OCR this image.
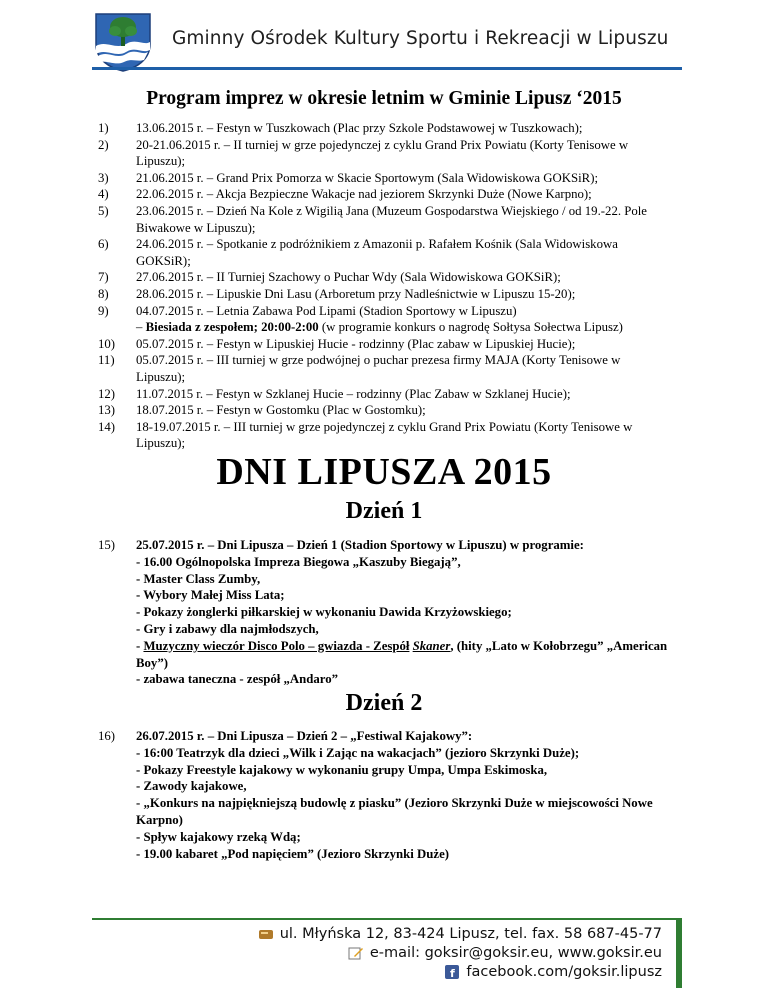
Gminny Ośrodek Kultury Sportu i Rekreacji w Lipuszu
Program imprez w okresie letnim w Gminie Lipusz ‘2015
1) 13.06.2015 r. – Festyn w Tuszkowach (Plac przy Szkole Podstawowej w Tuszkowach);
2) 20-21.06.2015 r. – II turniej w grze pojedynczej z cyklu Grand Prix Powiatu (Korty Tenisowe w
Lipuszu);
3) 21.06.2015 r. – Grand Prix Pomorza w Skacie Sportowym (Sala Widowiskowa GOKSiR);
4) 22.06.2015 r. – Akcja Bezpieczne Wakacje nad jeziorem Skrzynki Duże (Nowe Karpno);
5) 23.06.2015 r. – Dzień Na Kole z Wigilią Jana (Muzeum Gospodarstwa Wiejskiego / od 19.-22. Pole
Biwakowe w Lipuszu);
6) 24.06.2015 r. – Spotkanie z podróżnikiem z Amazonii p. Rafałem Kośnik (Sala Widowiskowa
GOKSiR);
7) 27.06.2015 r. – II Turniej Szachowy o Puchar Wdy (Sala Widowiskowa GOKSiR);
8) 28.06.2015 r. – Lipuskie Dni Lasu (Arboretum przy Nadleśnictwie w Lipuszu 15-20);
9) 04.07.2015 r. – Letnia Zabawa Pod Lipami (Stadion Sportowy w Lipuszu)
– Biesiada z zespołem; 20:00-2:00 (w programie konkurs o nagrodę Sołtysa Sołectwa Lipusz)
10) 05.07.2015 r. – Festyn w Lipuskiej Hucie - rodzinny (Plac zabaw w Lipuskiej Hucie);
11) 05.07.2015 r. – III turniej w grze podwójnej o puchar prezesa firmy MAJA (Korty Tenisowe w
Lipuszu);
12) 11.07.2015 r. – Festyn w Szklanej Hucie – rodzinny (Plac Zabaw w Szklanej Hucie);
13) 18.07.2015 r. – Festyn w Gostomku (Plac w Gostomku);
14) 18-19.07.2015 r. – III turniej w grze pojedynczej z cyklu Grand Prix Powiatu (Korty Tenisowe w
Lipuszu);
DNI LIPUSZA 2015
Dzień 1
15) 25.07.2015 r. – Dni Lipusza – Dzień 1 (Stadion Sportowy w Lipuszu) w programie:
- 16.00 Ogólnopolska Impreza Biegowa „Kaszuby Biegają”,
- Master Class Zumby,
- Wybory Małej Miss Lata;
- Pokazy żonglerki piłkarskiej w wykonaniu Dawida Krzyżowskiego;
- Gry i zabawy dla najmłodszych,
- Muzyczny wieczór Disco Polo – gwiazda - Zespół Skaner, (hity „Lato w Kołobrzegu” „American
Boy”)
- zabawa taneczna - zespół „Andaro”
Dzień 2
16) 26.07.2015 r. – Dni Lipusza – Dzień 2 – „Festiwal Kajakowy”:
- 16:00 Teatrzyk dla dzieci „Wilk i Zając na wakacjach” (jezioro Skrzynki Duże);
- Pokazy Freestyle kajakowy w wykonaniu grupy Umpa, Umpa Eskimoska,
- Zawody kajakowe,
- „Konkurs na najpiękniejszą budowlę z piasku” (Jezioro Skrzynki Duże w miejscowości Nowe
Karpno)
- Spływ kajakowy rzeką Wdą;
- 19.00 kabaret „Pod napięciem” (Jezioro Skrzynki Duże)
ul. Młyńska 12, 83-424 Lipusz, tel. fax. 58 687-45-77
e-mail: goksir@goksir.eu, www.goksir.eu
f facebook.com/goksir.lipusz
